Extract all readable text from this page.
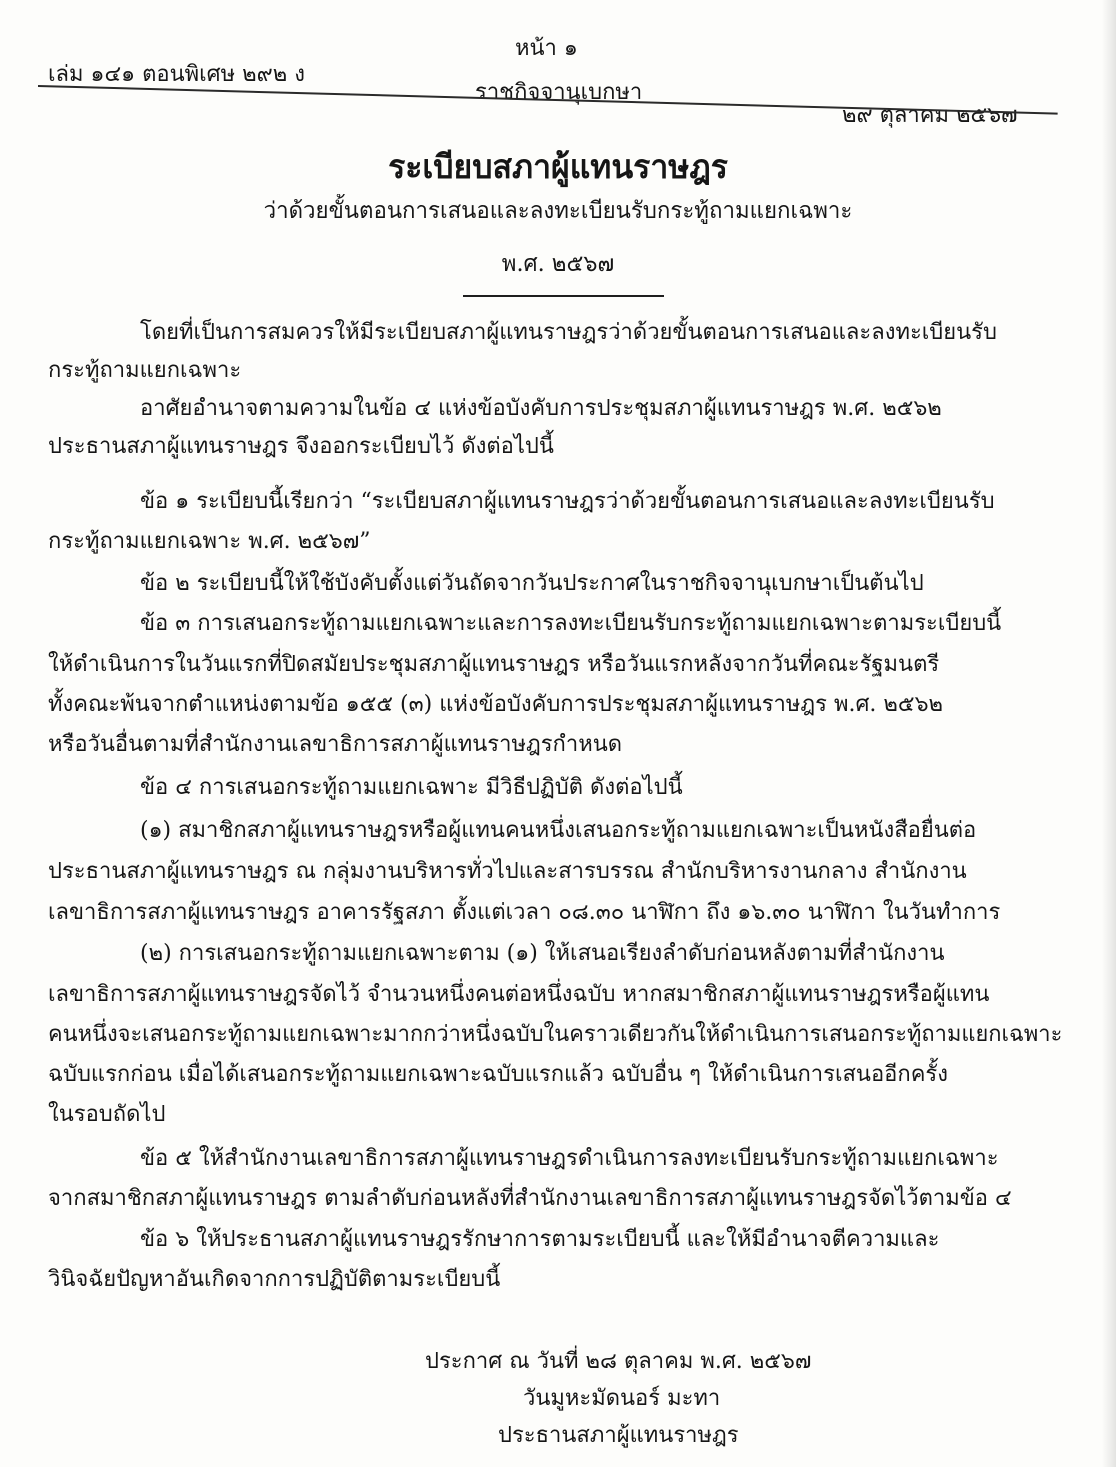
หน้า ๑
เล่ม ๑๔๑ ตอนพิเศษ ๒๙๒ ง
ราชกิจจานุเบกษา
๒๙ ตุลาคม ๒๕๖๗
ระเบียบสภาผู้แทนราษฎร
ว่าด้วยขั้นตอนการเสนอและลงทะเบียนรับกระทู้ถามแยกเฉพาะ
พ.ศ. ๒๕๖๗
โดยที่เป็นการสมควรให้มีระเบียบสภาผู้แทนราษฎรว่าด้วยขั้นตอนการเสนอและลงทะเบียนรับ
กระทู้ถามแยกเฉพาะ
อาศัยอำนาจตามความในข้อ ๔ แห่งข้อบังคับการประชุมสภาผู้แทนราษฎร พ.ศ. ๒๕๖๒
ประธานสภาผู้แทนราษฎร จึงออกระเบียบไว้ ดังต่อไปนี้
ข้อ ๑ ระเบียบนี้เรียกว่า “ระเบียบสภาผู้แทนราษฎรว่าด้วยขั้นตอนการเสนอและลงทะเบียนรับ
กระทู้ถามแยกเฉพาะ พ.ศ. ๒๕๖๗”
ข้อ ๒ ระเบียบนี้ให้ใช้บังคับตั้งแต่วันถัดจากวันประกาศในราชกิจจานุเบกษาเป็นต้นไป
ข้อ ๓ การเสนอกระทู้ถามแยกเฉพาะและการลงทะเบียนรับกระทู้ถามแยกเฉพาะตามระเบียบนี้
ให้ดำเนินการในวันแรกที่ปิดสมัยประชุมสภาผู้แทนราษฎร หรือวันแรกหลังจากวันที่คณะรัฐมนตรี
ทั้งคณะพ้นจากตำแหน่งตามข้อ ๑๕๕ (๓) แห่งข้อบังคับการประชุมสภาผู้แทนราษฎร พ.ศ. ๒๕๖๒
หรือวันอื่นตามที่สำนักงานเลขาธิการสภาผู้แทนราษฎรกำหนด
ข้อ ๔ การเสนอกระทู้ถามแยกเฉพาะ มีวิธีปฏิบัติ ดังต่อไปนี้
(๑) สมาชิกสภาผู้แทนราษฎรหรือผู้แทนคนหนึ่งเสนอกระทู้ถามแยกเฉพาะเป็นหนังสือยื่นต่อ
ประธานสภาผู้แทนราษฎร ณ กลุ่มงานบริหารทั่วไปและสารบรรณ สำนักบริหารงานกลาง สำนักงาน
เลขาธิการสภาผู้แทนราษฎร อาคารรัฐสภา ตั้งแต่เวลา ๐๘.๓๐ นาฬิกา ถึง ๑๖.๓๐ นาฬิกา ในวันทำการ
(๒) การเสนอกระทู้ถามแยกเฉพาะตาม (๑) ให้เสนอเรียงลำดับก่อนหลังตามที่สำนักงาน
เลขาธิการสภาผู้แทนราษฎรจัดไว้ จำนวนหนึ่งคนต่อหนึ่งฉบับ หากสมาชิกสภาผู้แทนราษฎรหรือผู้แทน
คนหนึ่งจะเสนอกระทู้ถามแยกเฉพาะมากกว่าหนึ่งฉบับในคราวเดียวกันให้ดำเนินการเสนอกระทู้ถามแยกเฉพาะ
ฉบับแรกก่อน เมื่อได้เสนอกระทู้ถามแยกเฉพาะฉบับแรกแล้ว ฉบับอื่น ๆ ให้ดำเนินการเสนออีกครั้ง
ในรอบถัดไป
ข้อ ๕ ให้สำนักงานเลขาธิการสภาผู้แทนราษฎรดำเนินการลงทะเบียนรับกระทู้ถามแยกเฉพาะ
จากสมาชิกสภาผู้แทนราษฎร ตามลำดับก่อนหลังที่สำนักงานเลขาธิการสภาผู้แทนราษฎรจัดไว้ตามข้อ ๔
ข้อ ๖ ให้ประธานสภาผู้แทนราษฎรรักษาการตามระเบียบนี้ และให้มีอำนาจตีความและ
วินิจฉัยปัญหาอันเกิดจากการปฏิบัติตามระเบียบนี้
ประกาศ ณ วันที่ ๒๘ ตุลาคม พ.ศ. ๒๕๖๗
วันมูหะมัดนอร์ มะทา
ประธานสภาผู้แทนราษฎร
